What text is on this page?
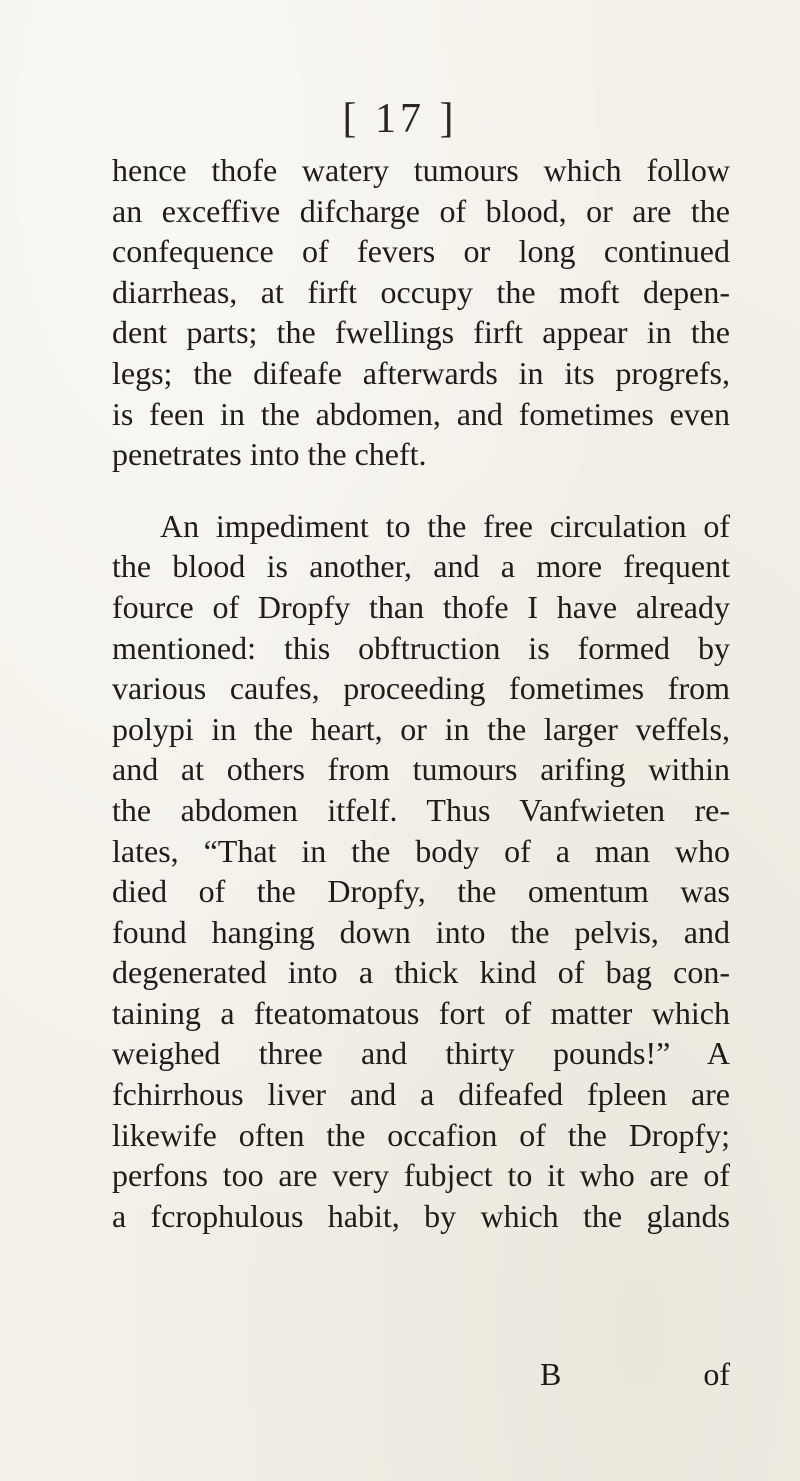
[ 17 ]
hence thofe watery tumours which follow
an exceffive difcharge of blood, or are the
confequence of fevers or long continued
diarrheas, at firft occupy the moft depen-
dent parts; the fwellings firft appear in the
legs; the difeafe afterwards in its progrefs,
is feen in the abdomen, and fometimes even
penetrates into the cheft.
An impediment to the free circulation of
the blood is another, and a more frequent
fource of Dropfy than thofe I have already
mentioned: this obftruction is formed by
various caufes, proceeding fometimes from
polypi in the heart, or in the larger veffels,
and at others from tumours arifing within
the abdomen itfelf. Thus Vanfwieten re-
lates, “That in the body of a man who
died of the Dropfy, the omentum was
found hanging down into the pelvis, and
degenerated into a thick kind of bag con-
taining a fteatomatous fort of matter which
weighed three and thirty pounds!” A
fchirrhous liver and a difeafed fpleen are
likewife often the occafion of the Dropfy;
perfons too are very fubject to it who are of
a fcrophulous habit, by which the glands
B	of
